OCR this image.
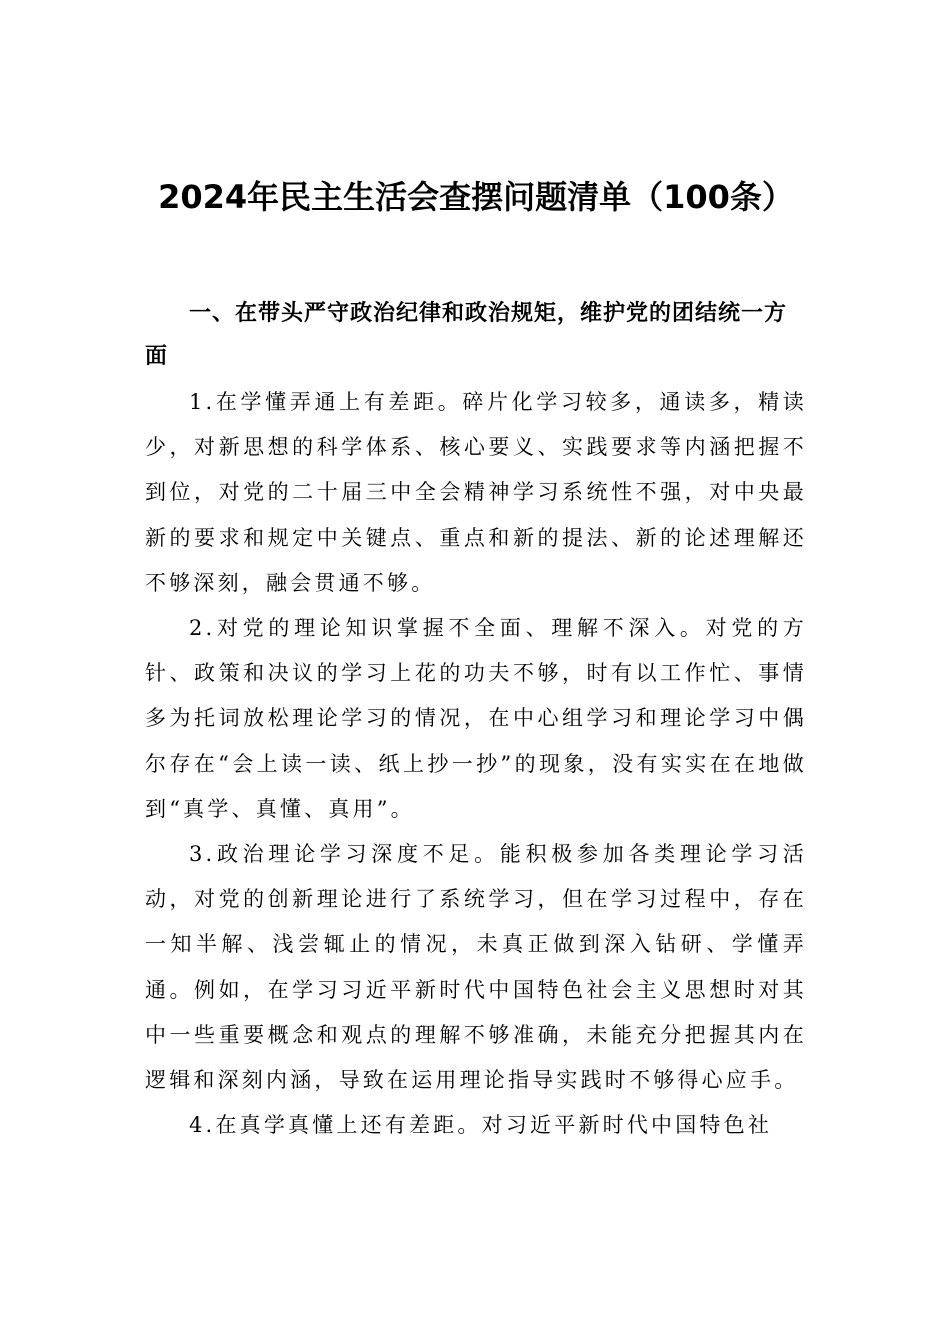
2024年民主生活会查摆问题清单（100条）

一、在带头严守政治纪律和政治规矩，维护党的团结统一方面

1.在学懂弄通上有差距。碎片化学习较多，通读多，精读少，对新思想的科学体系、核心要义、实践要求等内涵把握不到位，对党的二十届三中全会精神学习系统性不强，对中央最新的要求和规定中关键点、重点和新的提法、新的论述理解还不够深刻，融会贯通不够。

2.对党的理论知识掌握不全面、理解不深入。对党的方针、政策和决议的学习上花的功夫不够，时有以工作忙、事情多为托词放松理论学习的情况，在中心组学习和理论学习中偶尔存在“会上读一读、纸上抄一抄”的现象，没有实实在在地做到“真学、真懂、真用”。

3.政治理论学习深度不足。能积极参加各类理论学习活动，对党的创新理论进行了系统学习，但在学习过程中，存在一知半解、浅尝辄止的情况，未真正做到深入钻研、学懂弄通。例如，在学习习近平新时代中国特色社会主义思想时对其中一些重要概念和观点的理解不够准确，未能充分把握其内在逻辑和深刻内涵，导致在运用理论指导实践时不够得心应手。

4.在真学真懂上还有差距。对习近平新时代中国特色社
